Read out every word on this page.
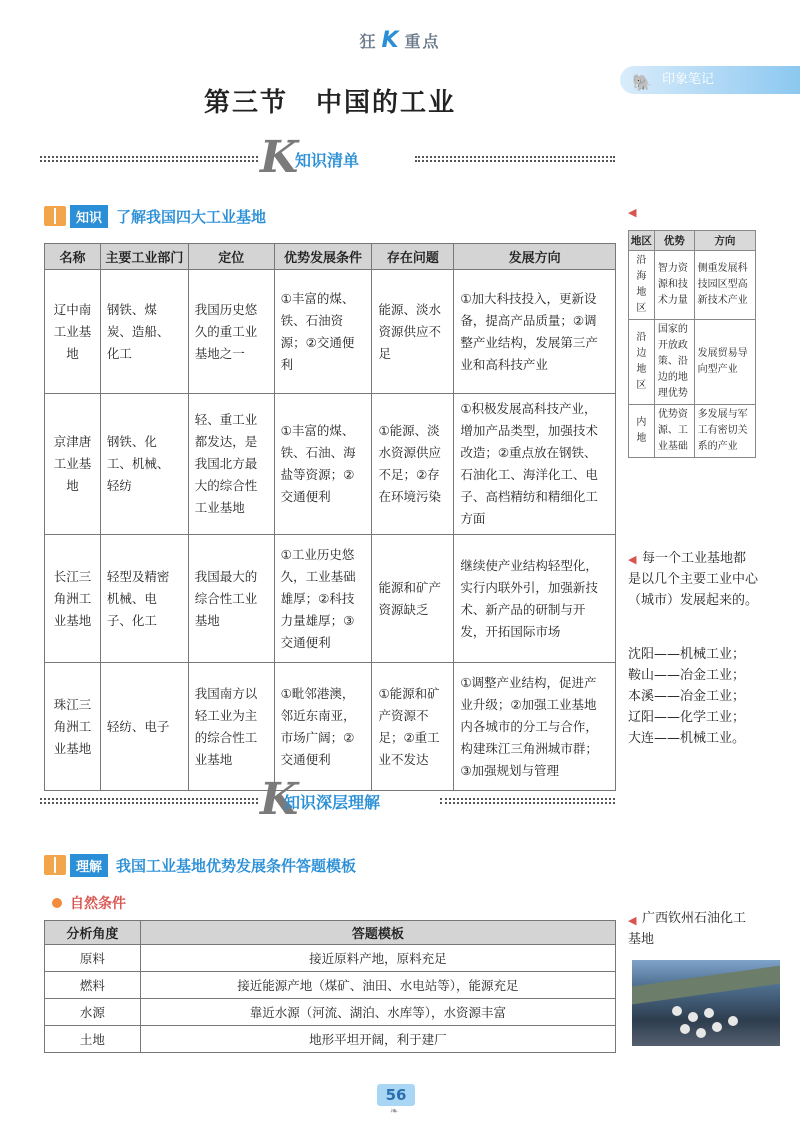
狂 K 重点
🐘 印象笔记
第三节　中国的工业
K
知识清单
知识 了解我国四大工业基地
名称	主要工业部门	定位	优势发展条件	存在问题	发展方向
辽中南工业基地	钢铁、煤炭、造船、化工	我国历史悠久的重工业基地之一	①丰富的煤、铁、石油资源；②交通便利	能源、淡水资源供应不足	①加大科技投入，更新设备，提高产品质量；②调整产业结构，发展第三产业和高科技产业
京津唐工业基地	钢铁、化工、机械、轻纺	轻、重工业都发达，是我国北方最大的综合性工业基地	①丰富的煤、铁、石油、海盐等资源；②交通便利	①能源、淡水资源供应不足；②存在环境污染	①积极发展高科技产业，增加产品类型，加强技术改造；②重点放在钢铁、石油化工、海洋化工、电子、高档精纺和精细化工方面
长江三角洲工业基地	轻型及精密机械、电子、化工	我国最大的综合性工业基地	①工业历史悠久，工业基础雄厚；②科技力量雄厚；③交通便利	能源和矿产资源缺乏	继续使产业结构轻型化，实行内联外引，加强新技术、新产品的研制与开发，开拓国际市场
珠江三角洲工业基地	轻纺、电子	我国南方以轻工业为主的综合性工业基地	①毗邻港澳，邻近东南亚，市场广阔；②交通便利	①能源和矿产资源不足；②重工业不发达	①调整产业结构，促进产业升级；②加强工业基地内各城市的分工与合作，构建珠江三角洲城市群；③加强规划与管理
◀
地区	优势	方向
沿海地区	智力资源和技术力量	侧重发展科技园区型高新技术产业
沿边地区	国家的开放政策、沿边的地理优势	发展贸易导向型产业
内地	优势资源、工业基础	多发展与军工有密切关系的产业
◀ 每一个工业基地都是以几个主要工业中心（城市）发展起来的。
沈阳——机械工业；
鞍山——冶金工业；
本溪——冶金工业；
辽阳——化学工业；
大连——机械工业。
K
知识深层理解
理解 我国工业基地优势发展条件答题模板
自然条件
分析角度	答题模板
原料	接近原料产地，原料充足
燃料	接近能源产地（煤矿、油田、水电站等），能源充足
水源	靠近水源（河流、湖泊、水库等），水资源丰富
土地	地形平坦开阔，利于建厂
◀ 广西钦州石油化工基地
56
❧
